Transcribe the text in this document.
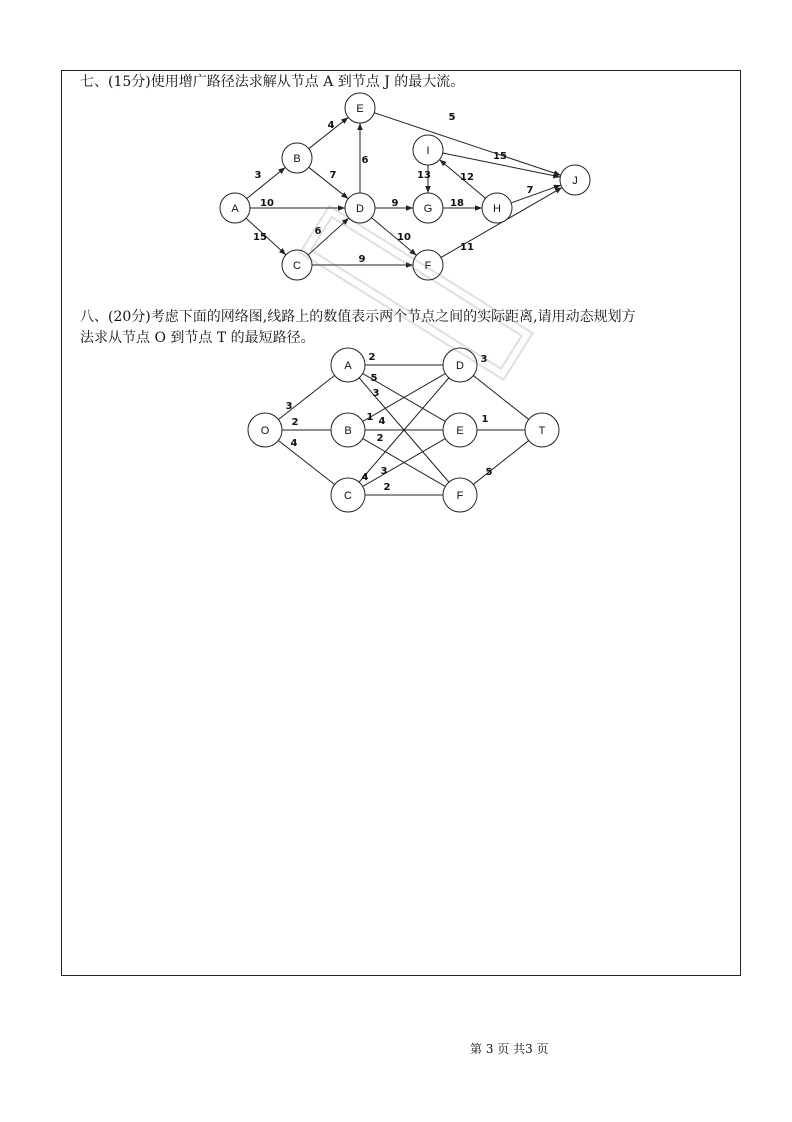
七、(15分)使用增广路径法求解从节点 A 到节点 J 的最大流。
八、(20分)考虑下面的网络图,线路上的数值表示两个节点之间的实际距离,请用动态规划方
法求从节点 O 到节点 T 的最短路径。
3
10
15
4
7
6
6
9
10
9	18
13	12
15
7
5
11
A
B
C
D
E
F
G	H
I
J
3
2
4
2
5
3
1 4
2
4
3
2
3
1
5
O
A
B
C
D
E
F
T
第 3 页 共3 页
